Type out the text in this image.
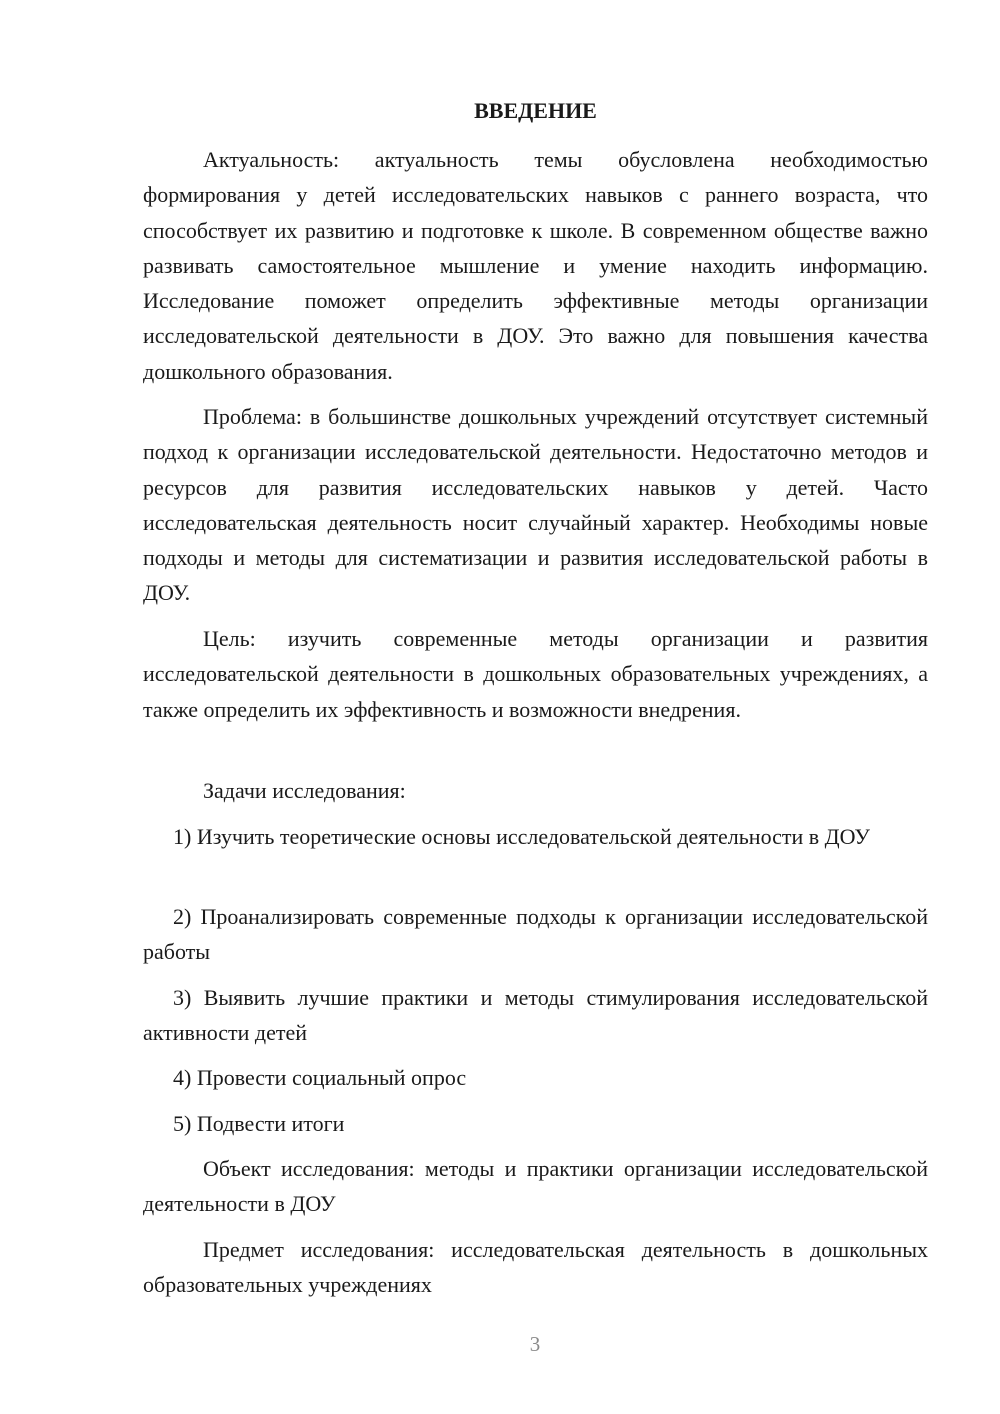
ВВЕДЕНИЕ

Актуальность: актуальность темы обусловлена необходимостью формирования у детей исследовательских навыков с раннего возраста, что способствует их развитию и подготовке к школе. В современном обществе важно развивать самостоятельное мышление и умение находить информацию. Исследование поможет определить эффективные методы организации исследовательской деятельности в ДОУ. Это важно для повышения качества дошкольного образования.

Проблема: в большинстве дошкольных учреждений отсутствует системный подход к организации исследовательской деятельности. Недостаточно методов и ресурсов для развития исследовательских навыков у детей. Часто исследовательская деятельность носит случайный характер. Необходимы новые подходы и методы для систематизации и развития исследовательской работы в ДОУ.

Цель: изучить современные методы организации и развития исследовательской деятельности в дошкольных образовательных учреждениях, а также определить их эффективность и возможности внедрения.

Задачи исследования:

1) Изучить теоретические основы исследовательской деятельности в ДОУ

2) Проанализировать современные подходы к организации исследовательской работы

3) Выявить лучшие практики и методы стимулирования исследовательской активности детей

4) Провести социальный опрос

5) Подвести итоги

Объект исследования: методы и практики организации исследовательской деятельности в ДОУ

Предмет исследования: исследовательская деятельность в дошкольных образовательных учреждениях

3
